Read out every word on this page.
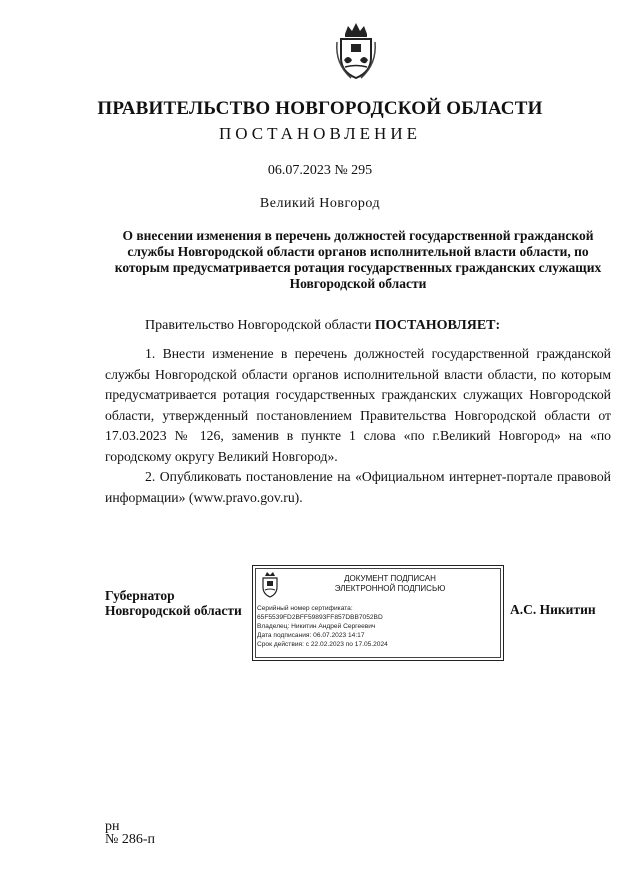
ПРАВИТЕЛЬСТВО НОВГОРОДСКОЙ ОБЛАСТИ
ПОСТАНОВЛЕНИЕ
06.07.2023 № 295
Великий Новгород
О внесении изменения в перечень должностей государственной гражданской службы Новгородской области органов исполнительной власти области, по которым предусматривается ротация государственных гражданских служащих Новгородской области
Правительство Новгородской области ПОСТАНОВЛЯЕТ:

1. Внести изменение в перечень должностей государственной гражданской службы Новгородской области органов исполнительной власти области, по которым предусматривается ротация государственных гражданских служащих Новгородской области, утвержденный постановлением Правительства Новгородской области от 17.03.2023 № 126, заменив в пункте 1 слова «по г.Великий Новгород» на «по городскому округу Великий Новгород».

2. Опубликовать постановление на «Официальном интернет-портале правовой информации» (www.pravo.gov.ru).

Губернатор
Новгородской области
ДОКУМЕНТ ПОДПИСАН
ЭЛЕКТРОННОЙ ПОДПИСЬЮ
Серийный номер сертификата:
65F5539FD2BFF59893FF857DBB7052BD
Владелец: Никитин Андрей Сергеевич
Дата подписания: 06.07.2023 14:17
Срок действия: с 22.02.2023 по 17.05.2024
А.С. Никитин
рн
№ 286-п
